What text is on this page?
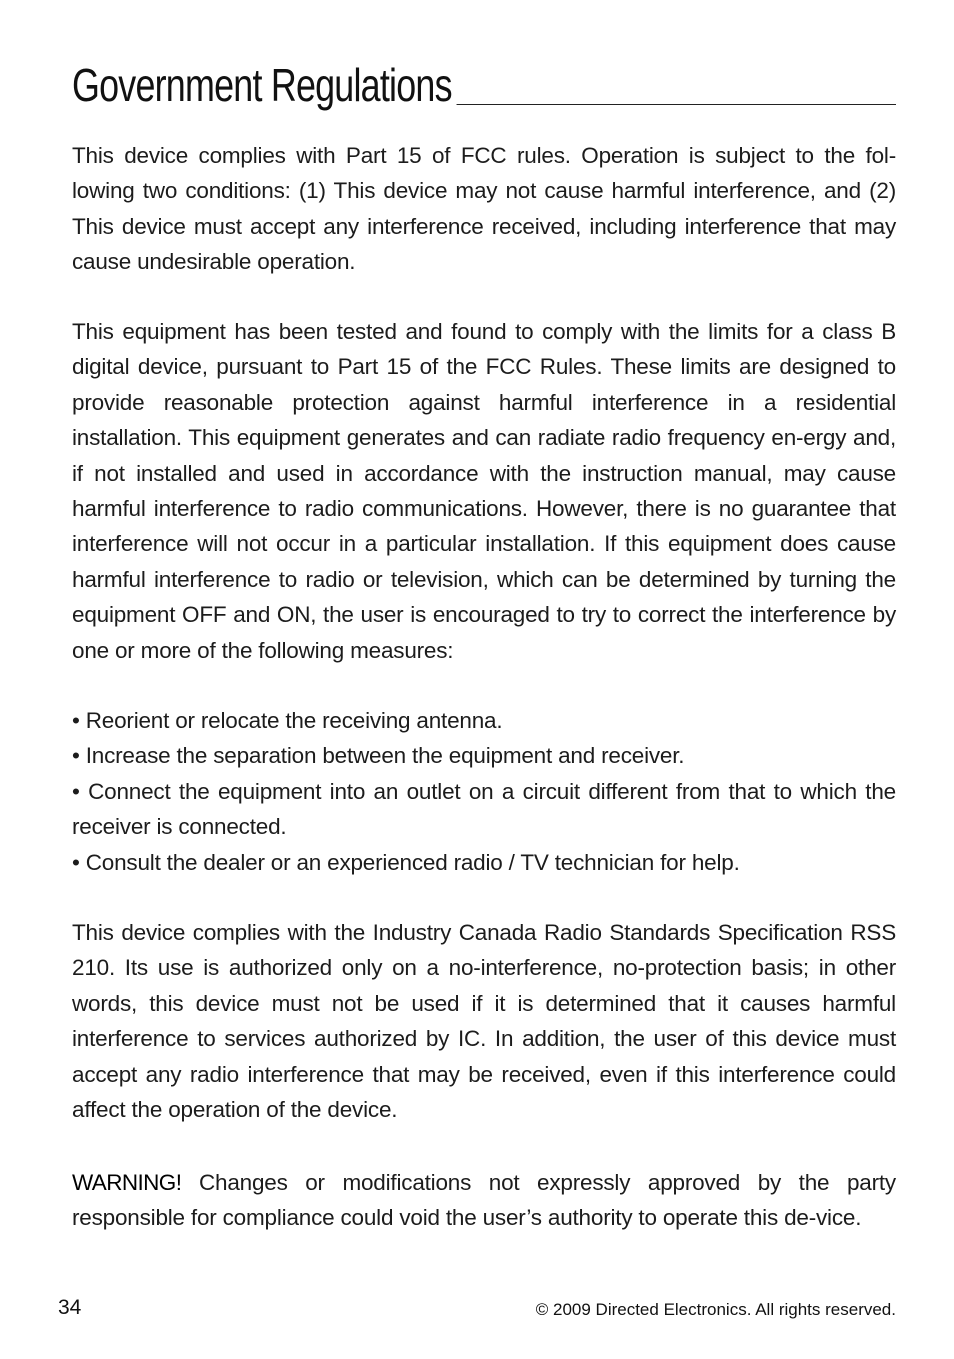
Government Regulations

This device complies with Part 15 of FCC rules. Operation is subject to the fol-lowing two conditions: (1) This device may not cause harmful interference, and (2) This device must accept any interference received, including interference that may cause undesirable operation.

This equipment has been tested and found to comply with the limits for a class B digital device, pursuant to Part 15 of the FCC Rules. These limits are designed to provide reasonable protection against harmful interference in a residential installation. This equipment generates and can radiate radio frequency en-ergy and, if not installed and used in accordance with the instruction manual, may cause harmful interference to radio communications. However, there is no guarantee that interference will not occur in a particular installation. If this equipment does cause harmful interference to radio or television, which can be determined by turning the equipment OFF and ON, the user is encouraged to try to correct the interference by one or more of the following measures:

• Reorient or relocate the receiving antenna.
• Increase the separation between the equipment and receiver.
• Connect the equipment into an outlet on a circuit different from that to which the receiver is connected.
• Consult the dealer or an experienced radio / TV technician for help.

This device complies with the Industry Canada Radio Standards Specification RSS 210. Its use is authorized only on a no-interference, no-protection basis; in other words, this device must not be used if it is determined that it causes harmful interference to services authorized by IC. In addition, the user of this device must accept any radio interference that may be received, even if this interference could affect the operation of the device.

WARNING! Changes or modifications not expressly approved by the party responsible for compliance could void the user’s authority to operate this de-vice.

34	© 2009 Directed Electronics. All rights reserved.
